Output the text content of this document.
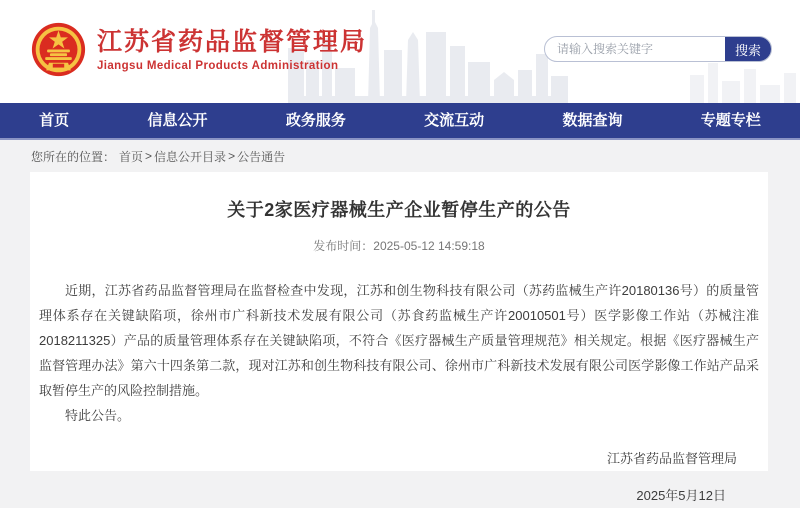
江苏省药品监督管理局
Jiangsu Medical Products Administration
请输入搜索关键字
搜索
首页	信息公开	政务服务	交流互动	数据查询	专题专栏
您所在的位置： 首页 > 信息公开目录 > 公告通告
关于2家医疗器械生产企业暂停生产的公告
发布时间：2025-05-12 14:59:18

近期，江苏省药品监督管理局在监督检查中发现，江苏和创生物科技有限公司（苏药监械生产许20180136号）的质量管理体系存在关键缺陷项，徐州市广科新技术发展有限公司（苏食药监械生产许20010501号）医学影像工作站（苏械注准2018211325）产品的质量管理体系存在关键缺陷项，不符合《医疗器械生产质量管理规范》相关规定。根据《医疗器械生产监督管理办法》第六十四条第二款，现对江苏和创生物科技有限公司、徐州市广科新技术发展有限公司医学影像工作站产品采取暂停生产的风险控制措施。

特此公告。

江苏省药品监督管理局
2025年5月12日
